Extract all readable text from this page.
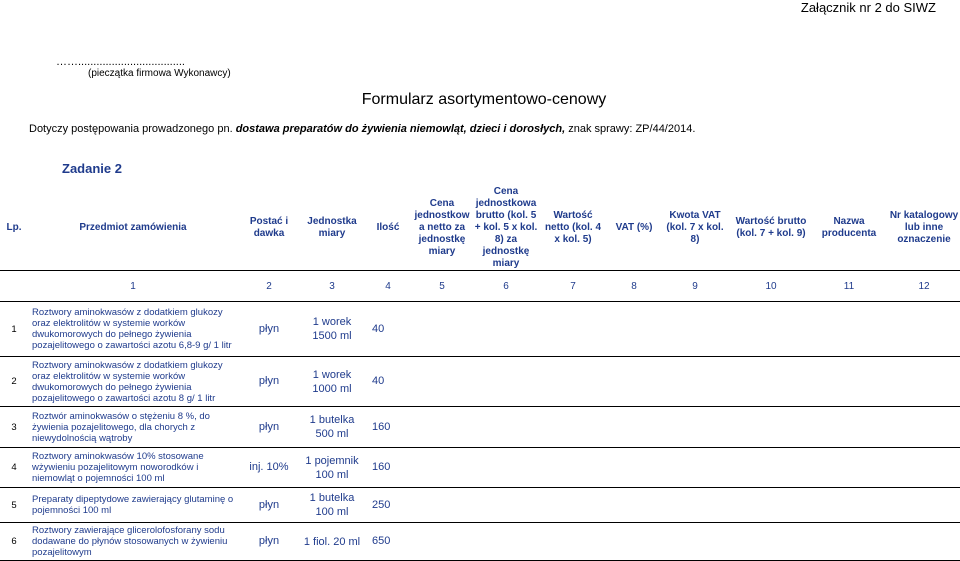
Załącznik nr 2 do SIWZ
……...................................
(pieczątka firmowa Wykonawcy)
Formularz asortymentowo-cenowy
Dotyczy postępowania prowadzonego pn. dostawa preparatów do żywienia niemowląt, dzieci i dorosłych, znak sprawy: ZP/44/2014.
Zadanie 2
Lp.	Przedmiot zamówienia	Postać i dawka	Jednostka miary	Ilość	Cena jednostkow a netto za jednostkę miary	Cena jednostkowa brutto (kol. 5 + kol. 5 x kol. 8) za jednostkę miary	Wartość netto (kol. 4 x kol. 5)	VAT (%)	Kwota VAT (kol. 7 x kol. 8)	Wartość brutto (kol. 7 + kol. 9)	Nazwa producenta	Nr katalogowy lub inne oznaczenie
	1	2	3	4	5	6	7	8	9	10	11	12
1	Roztwory aminokwasów z dodatkiem glukozy oraz elektrolitów w systemie worków dwukomorowych do pełnego żywienia pozajelitowego o zawartości azotu 6,8-9 g/ 1 litr	płyn	1 worek 1500 ml	40								
2	Roztwory aminokwasów z dodatkiem glukozy oraz elektrolitów w systemie worków dwukomorowych do pełnego żywienia pozajelitowego o zawartości azotu 8 g/ 1 litr	płyn	1 worek 1000 ml	40								
3	Roztwór aminokwasów o stężeniu 8 %, do żywienia pozajelitowego, dla chorych z niewydolnością wątroby	płyn	1 butelka 500 ml	160								
4	Roztwory aminokwasów 10% stosowane wżywieniu pozajelitowym noworodków i niemowląt o pojemności 100 ml	inj. 10%	1 pojemnik 100 ml	160								
5	Preparaty dipeptydowe zawierający glutaminę o pojemności 100 ml	płyn	1 butelka 100 ml	250								
6	Roztwory zawierające glicerolofosforany sodu dodawane do płynów stosowanych w żywieniu pozajelitowym	płyn	1 fiol. 20 ml	650								
